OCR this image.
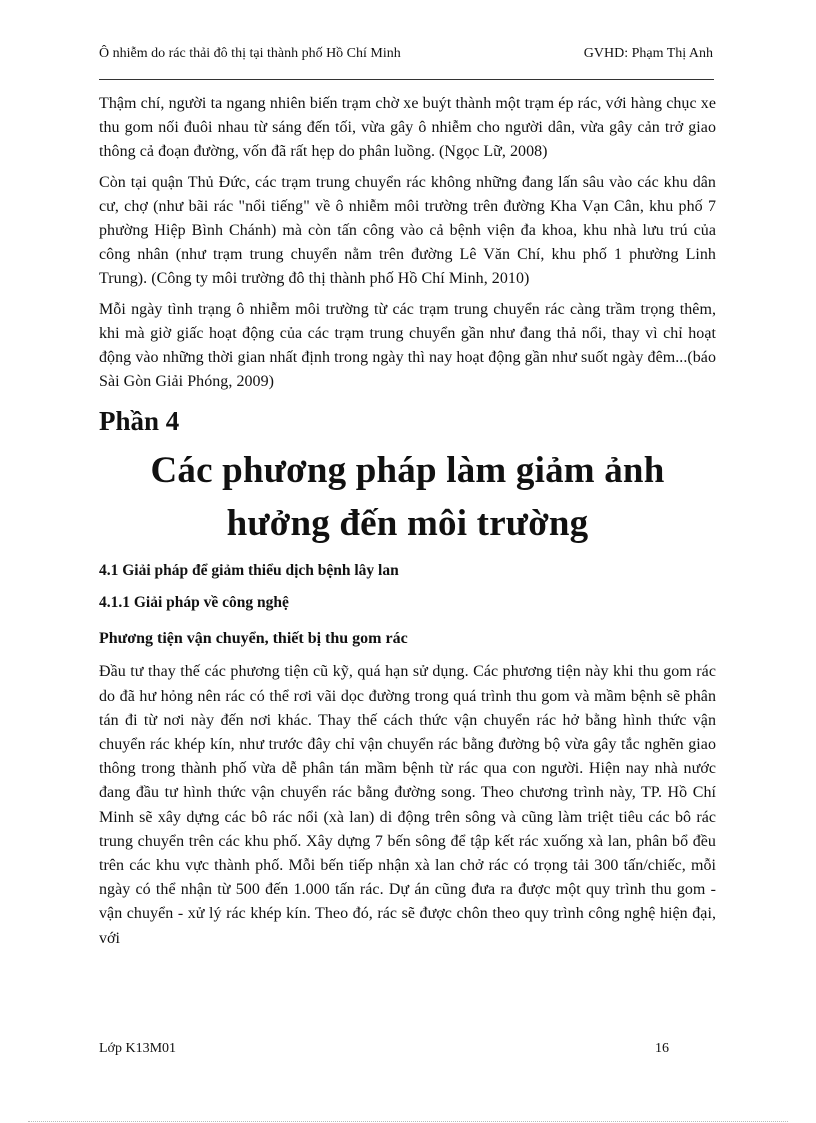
Ô nhiễm do rác thải đô thị tại thành phố Hồ Chí Minh	GVHD: Phạm Thị Anh

Thậm chí, người ta ngang nhiên biến trạm chờ xe buýt thành một trạm ép rác, với hàng chục xe thu gom nối đuôi nhau từ sáng đến tối, vừa gây ô nhiễm cho người dân, vừa gây cản trở giao thông cả đoạn đường, vốn đã rất hẹp do phân luồng. (Ngọc Lữ, 2008)

Còn tại quận Thủ Đức, các trạm trung chuyển rác không những đang lấn sâu vào các khu dân cư, chợ (như bãi rác "nổi tiếng" về ô nhiễm môi trường trên đường Kha Vạn Cân, khu phố 7 phường Hiệp Bình Chánh) mà còn tấn công vào cả bệnh viện đa khoa, khu nhà lưu trú của công nhân (như trạm trung chuyển nằm trên đường Lê Văn Chí, khu phố 1 phường Linh Trung). (Công ty môi trường đô thị thành phố Hồ Chí Minh, 2010)

Mỗi ngày tình trạng ô nhiễm môi trường từ các trạm trung chuyển rác càng trầm trọng thêm, khi mà giờ giấc hoạt động của các trạm trung chuyển gần như đang thả nổi, thay vì chỉ hoạt động vào những thời gian nhất định trong ngày thì nay hoạt động gần như suốt ngày đêm...(báo Sài Gòn Giải Phóng, 2009)

Phần 4
Các phương pháp làm giảm ảnh
hưởng đến môi trường
4.1 Giải pháp để giảm thiểu dịch bệnh lây lan
4.1.1 Giải pháp về công nghệ
Phương tiện vận chuyển, thiết bị thu gom rác

Đầu tư thay thế các phương tiện cũ kỹ, quá hạn sử dụng. Các phương tiện này khi thu gom rác do đã hư hỏng nên rác có thể rơi vãi dọc đường trong quá trình thu gom và mầm bệnh sẽ phân tán đi từ nơi này đến nơi khác. Thay thế cách thức vận chuyển rác hở bằng hình thức vận chuyển rác khép kín, như trước đây chỉ vận chuyển rác bằng đường bộ vừa gây tắc nghẽn giao thông trong thành phố vừa dễ phân tán mầm bệnh từ rác qua con người. Hiện nay nhà nước đang đầu tư hình thức vận chuyển rác bằng đường song. Theo chương trình này, TP. Hồ Chí Minh sẽ xây dựng các bô rác nổi (xà lan) di động trên sông và cũng làm triệt tiêu các bô rác trung chuyển trên các khu phố. Xây dựng 7 bến sông để tập kết rác xuống xà lan, phân bổ đều trên các khu vực thành phố. Mỗi bến tiếp nhận xà lan chở rác có trọng tải 300 tấn/chiếc, mỗi ngày có thể nhận từ 500 đến 1.000 tấn rác. Dự án cũng đưa ra được một quy trình thu gom - vận chuyển - xử lý rác khép kín. Theo đó, rác sẽ được chôn theo quy trình công nghệ hiện đại, với

Lớp K13M01	16
